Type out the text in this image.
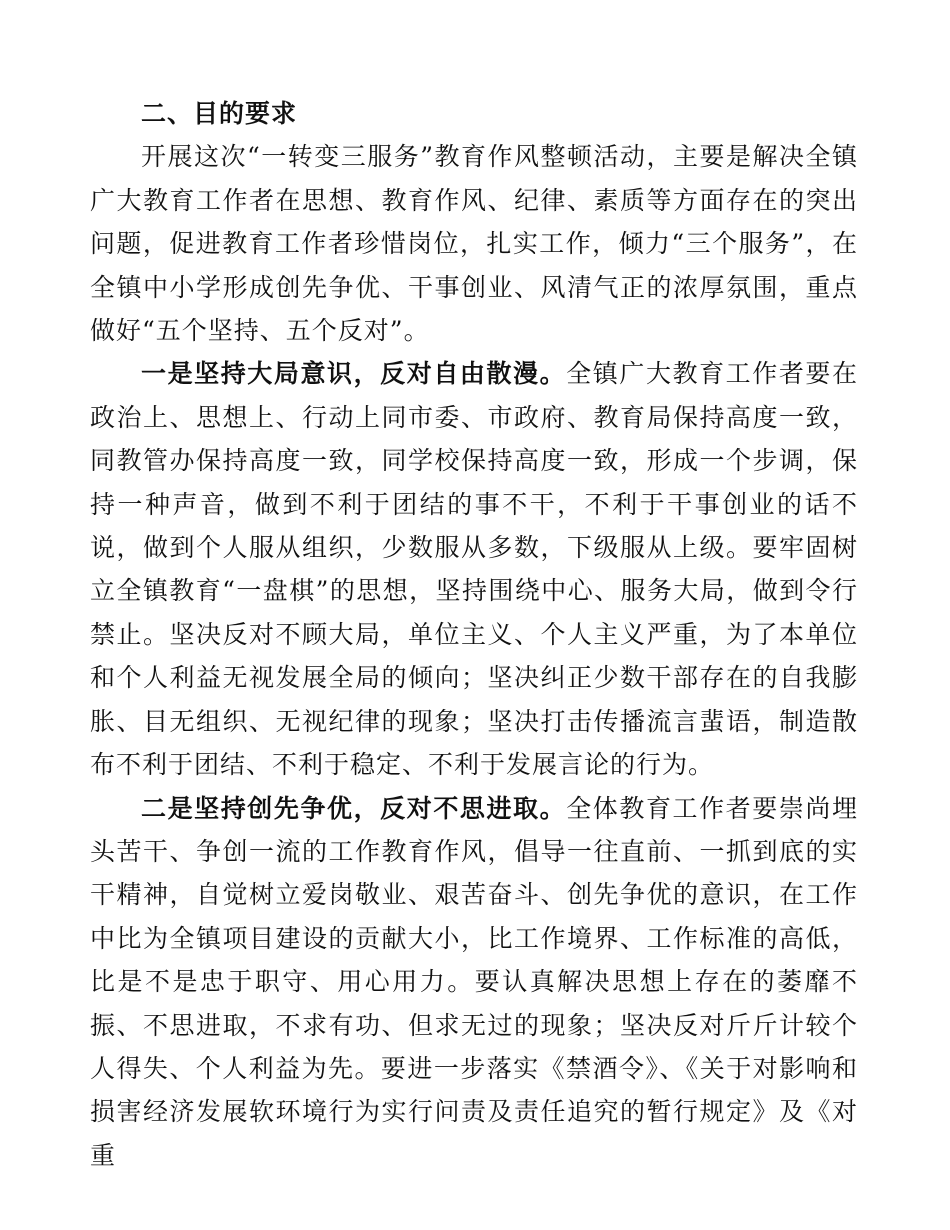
二、目的要求

开展这次“一转变三服务”教育作风整顿活动，主要是解决全镇广大教育工作者在思想、教育作风、纪律、素质等方面存在的突出问题，促进教育工作者珍惜岗位，扎实工作，倾力“三个服务”，在全镇中小学形成创先争优、干事创业、风清气正的浓厚氛围，重点做好“五个坚持、五个反对”。

一是坚持大局意识，反对自由散漫。全镇广大教育工作者要在政治上、思想上、行动上同市委、市政府、教育局保持高度一致，同教管办保持高度一致，同学校保持高度一致，形成一个步调，保持一种声音，做到不利于团结的事不干，不利于干事创业的话不说，做到个人服从组织，少数服从多数，下级服从上级。要牢固树立全镇教育“一盘棋”的思想，坚持围绕中心、服务大局，做到令行禁止。坚决反对不顾大局，单位主义、个人主义严重，为了本单位和个人利益无视发展全局的倾向；坚决纠正少数干部存在的自我膨胀、目无组织、无视纪律的现象；坚决打击传播流言蜚语，制造散布不利于团结、不利于稳定、不利于发展言论的行为。

二是坚持创先争优，反对不思进取。全体教育工作者要崇尚埋头苦干、争创一流的工作教育作风，倡导一往直前、一抓到底的实干精神，自觉树立爱岗敬业、艰苦奋斗、创先争优的意识，在工作中比为全镇项目建设的贡献大小，比工作境界、工作标准的高低，比是不是忠于职守、用心用力。要认真解决思想上存在的萎靡不振、不思进取，不求有功、但求无过的现象；坚决反对斤斤计较个人得失、个人利益为先。要进一步落实《禁酒令》、《关于对影响和损害经济发展软环境行为实行问责及责任追究的暂行规定》及《对重
